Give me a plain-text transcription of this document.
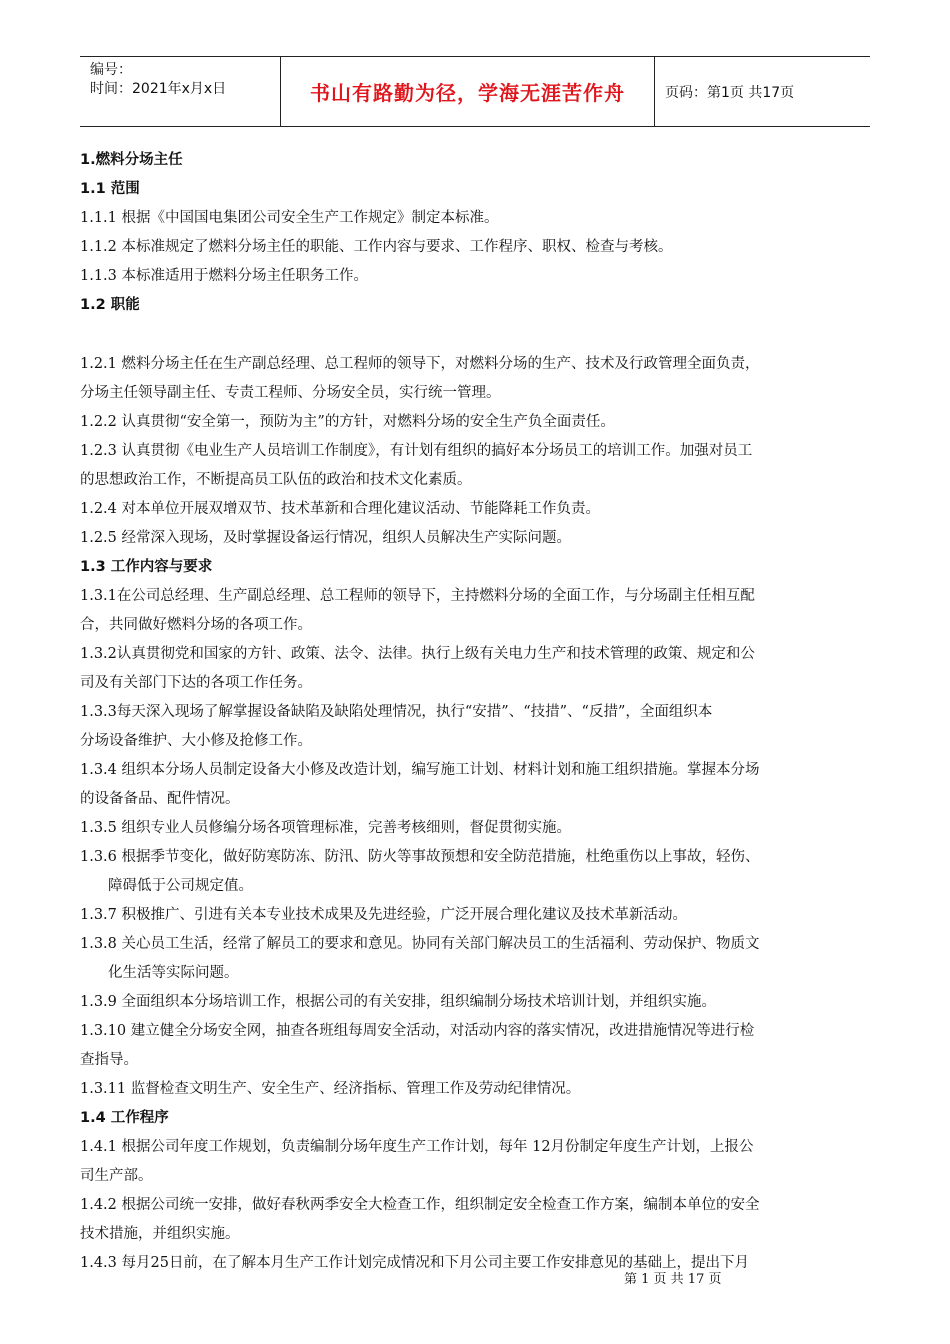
编号：
时间：2021年x月x日	书山有路勤为径，学海无涯苦作舟	页码：第1页 共17页
1.燃料分场主任
1.1 范围
1.1.1 根据《中国国电集团公司安全生产工作规定》制定本标准。
1.1.2 本标准规定了燃料分场主任的职能、工作内容与要求、工作程序、职权、检查与考核。
1.1.3 本标准适用于燃料分场主任职务工作。
1.2 职能
1.2.1 燃料分场主任在生产副总经理、总工程师的领导下，对燃料分场的生产、技术及行政管理全面负责，
分场主任领导副主任、专责工程师、分场安全员，实行统一管理。
1.2.2 认真贯彻“安全第一，预防为主”的方针，对燃料分场的安全生产负全面责任。
1.2.3 认真贯彻《电业生产人员培训工作制度》，有计划有组织的搞好本分场员工的培训工作。加强对员工
的思想政治工作，不断提高员工队伍的政治和技术文化素质。
1.2.4 对本单位开展双增双节、技术革新和合理化建议活动、节能降耗工作负责。
1.2.5 经常深入现场，及时掌握设备运行情况，组织人员解决生产实际问题。
1.3 工作内容与要求
1.3.1在公司总经理、生产副总经理、总工程师的领导下，主持燃料分场的全面工作，与分场副主任相互配
合，共同做好燃料分场的各项工作。
1.3.2认真贯彻党和国家的方针、政策、法令、法律。执行上级有关电力生产和技术管理的政策、规定和公
司及有关部门下达的各项工作任务。
1.3.3每天深入现场了解掌握设备缺陷及缺陷处理情况，执行“安措”、“技措”、“反措”，全面组织本
分场设备维护、大小修及抢修工作。
1.3.4 组织本分场人员制定设备大小修及改造计划，编写施工计划、材料计划和施工组织措施。掌握本分场
的设备备品、配件情况。
1.3.5 组织专业人员修编分场各项管理标准，完善考核细则，督促贯彻实施。
1.3.6 根据季节变化，做好防寒防冻、防汛、防火等事故预想和安全防范措施，杜绝重伤以上事故，轻伤、
障碍低于公司规定值。
1.3.7 积极推广、引进有关本专业技术成果及先进经验，广泛开展合理化建议及技术革新活动。
1.3.8 关心员工生活，经常了解员工的要求和意见。协同有关部门解决员工的生活福利、劳动保护、物质文
化生活等实际问题。
1.3.9 全面组织本分场培训工作，根据公司的有关安排，组织编制分场技术培训计划，并组织实施。
1.3.10 建立健全分场安全网，抽查各班组每周安全活动，对活动内容的落实情况，改进措施情况等进行检
查指导。
1.3.11 监督检查文明生产、安全生产、经济指标、管理工作及劳动纪律情况。
1.4 工作程序
1.4.1 根据公司年度工作规划，负责编制分场年度生产工作计划，每年 12月份制定年度生产计划，上报公
司生产部。
1.4.2 根据公司统一安排，做好春秋两季安全大检查工作，组织制定安全检查工作方案，编制本单位的安全
技术措施，并组织实施。
1.4.3 每月25日前，在了解本月生产工作计划完成情况和下月公司主要工作安排意见的基础上，提出下月
第 1 页 共 17 页
